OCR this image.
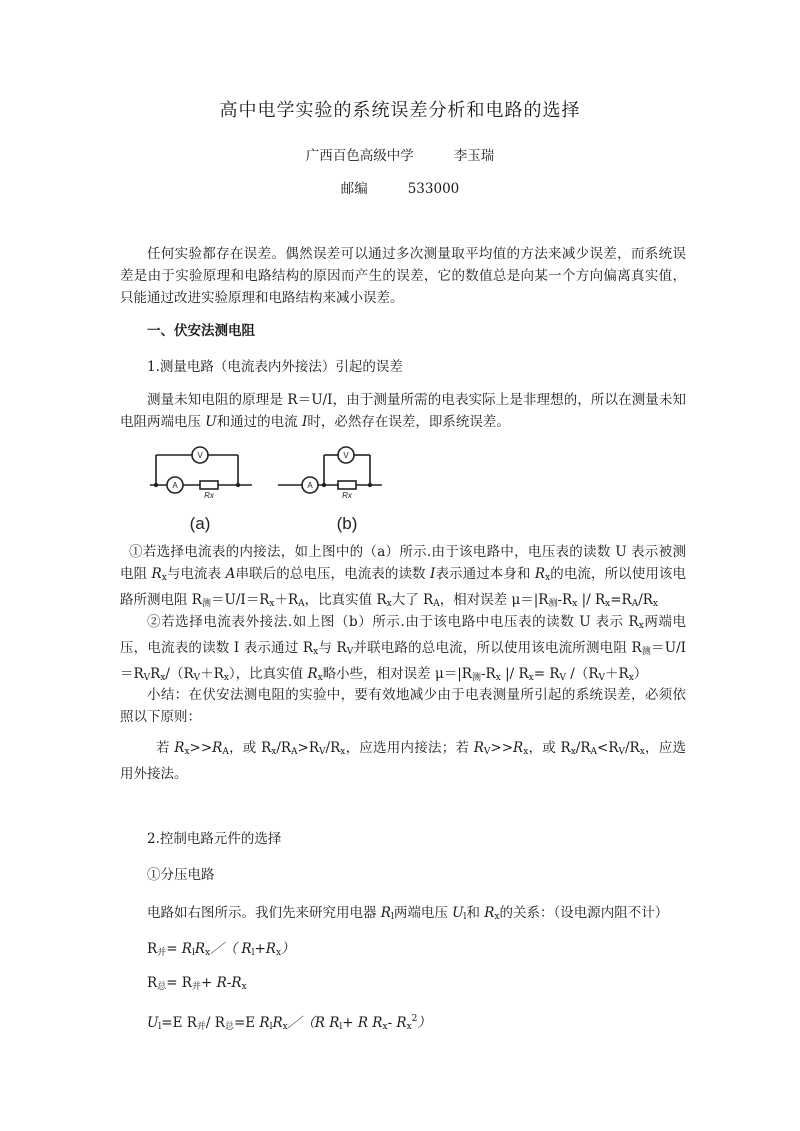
高中电学实验的系统误差分析和电路的选择
广西百色高级中学	李玉瑞
邮编	533000
任何实验都存在误差。偶然误差可以通过多次测量取平均值的方法来减少误差，而系统误差是由于实验原理和电路结构的原因而产生的误差，它的数值总是向某一个方向偏离真实值，只能通过改进实验原理和电路结构来减小误差。
一、伏安法测电阻
1.测量电路（电流表内外接法）引起的误差
测量未知电阻的原理是 R＝U/I，由于测量所需的电表实际上是非理想的，所以在测量未知电阻两端电压 U和通过的电流 I时，必然存在误差，即系统误差。
V
A
Rx
V
A
Rx
(a)	(b)
①若选择电流表的内接法，如上图中的（a）所示.由于该电路中，电压表的读数 U 表示被测电阻 $R_x$与电流表 A串联后的总电压，电流表的读数 I表示通过本身和 $R_x$的电流，所以使用该电路所测电阻 $R_测=U/I=R_x+R_A$，比真实值 $R_x$大了 $R_A$，相对误差 $\mu=|R_测-R_x$ |/ $R_x=R_A/R_x$
②若选择电流表外接法.如上图（b）所示.由于该电路中电压表的读数 U 表示 $R_x$两端电压，电流表的读数 I 表示通过 $R_x$与 $R_V$并联电路的总电流，所以使用该电流所测电阻 $R_测=U/I=R_VR_x/(R_V+R_x)$，比真实值 $R_x$略小些，相对误差 $\mu=|R_测-R_x$ |/ $R_x= R_V$ $/(R_V+R_x)$
小结：在伏安法测电阻的实验中，要有效地减少由于电表测量所引起的系统误差，必须依照以下原则：
若 $R_x>>R_A$，或 $R_x/R_A>R_V/R_x$，应选用内接法；若 $R_V>>R_x$，或 $R_x/R_A<R_V/R_x$，应选用外接法。
2.控制电路元件的选择
①分压电路
电路如右图所示。我们先来研究用电器 $R_l$两端电压 $U_l$和 $R_x$的关系：（设电源内阻不计）
$R_并=$ $R_lR_x/$（ $R_l+R_x$）
$R_总= R_并+ R-R_x$
$U_l=E$ $R_并/$ $R_总=E$ $R_lR_x/(R$ $R_l+ R$ $R_x-$ $R_x^2$）
